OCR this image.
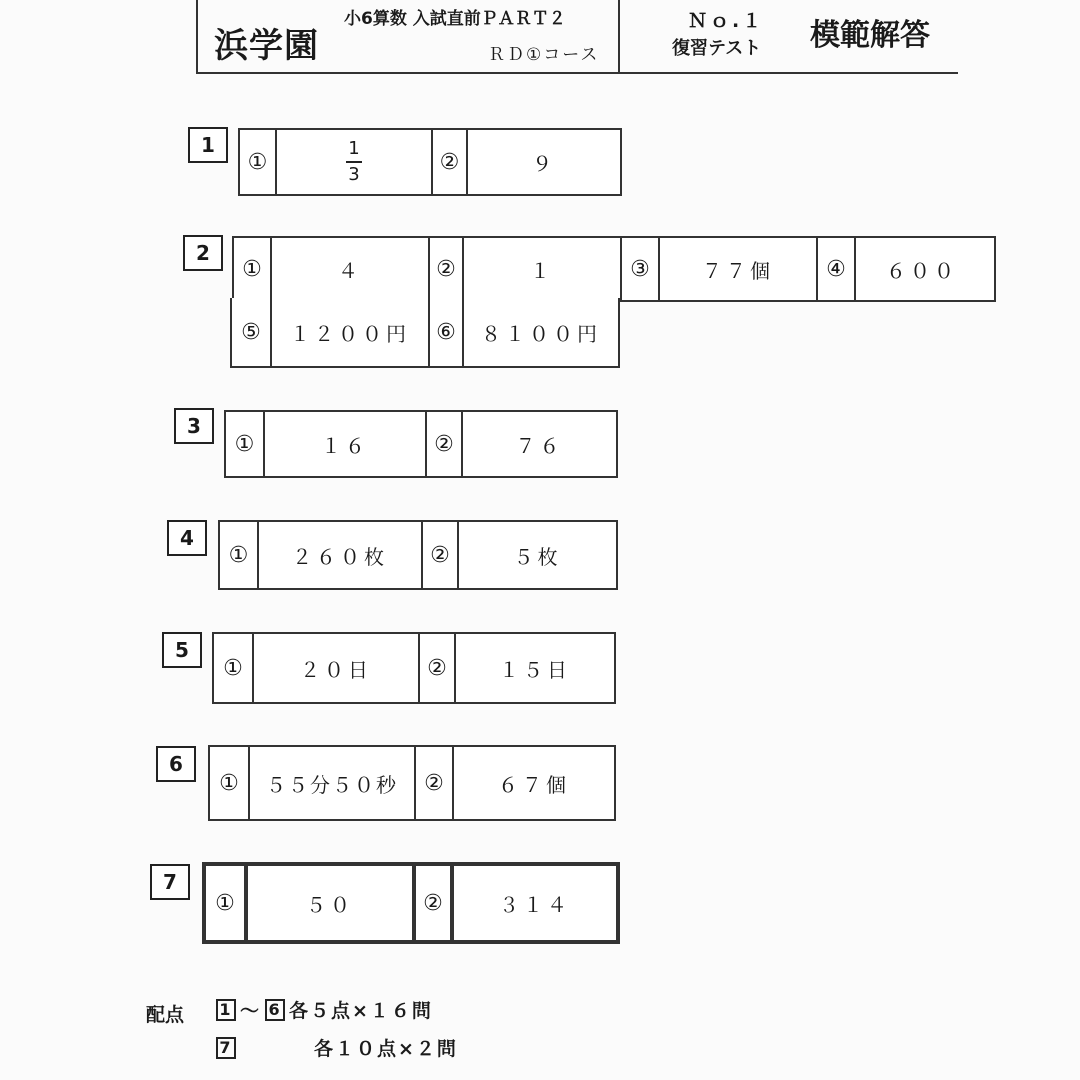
浜学園
小6算数 入試直前ＰＡＲＴ２
ＲＤ①コース
Ｎｏ.１
復習テスト 模範解答
1
①	$\frac{1}{3}$	②	９
2
①	４	②	１	③	７７個	④	６００
⑤	１２００円	⑥	８１００円
3
①	１６	②	７６
4
①	２６０枚	②	５枚
5
①	２０日	②	１５日
6
①	５５分５０秒	②	６７個
7
①	５０	②	３１４
配点 1 ～ 6 各５点×１６問
7	各１０点×２問
